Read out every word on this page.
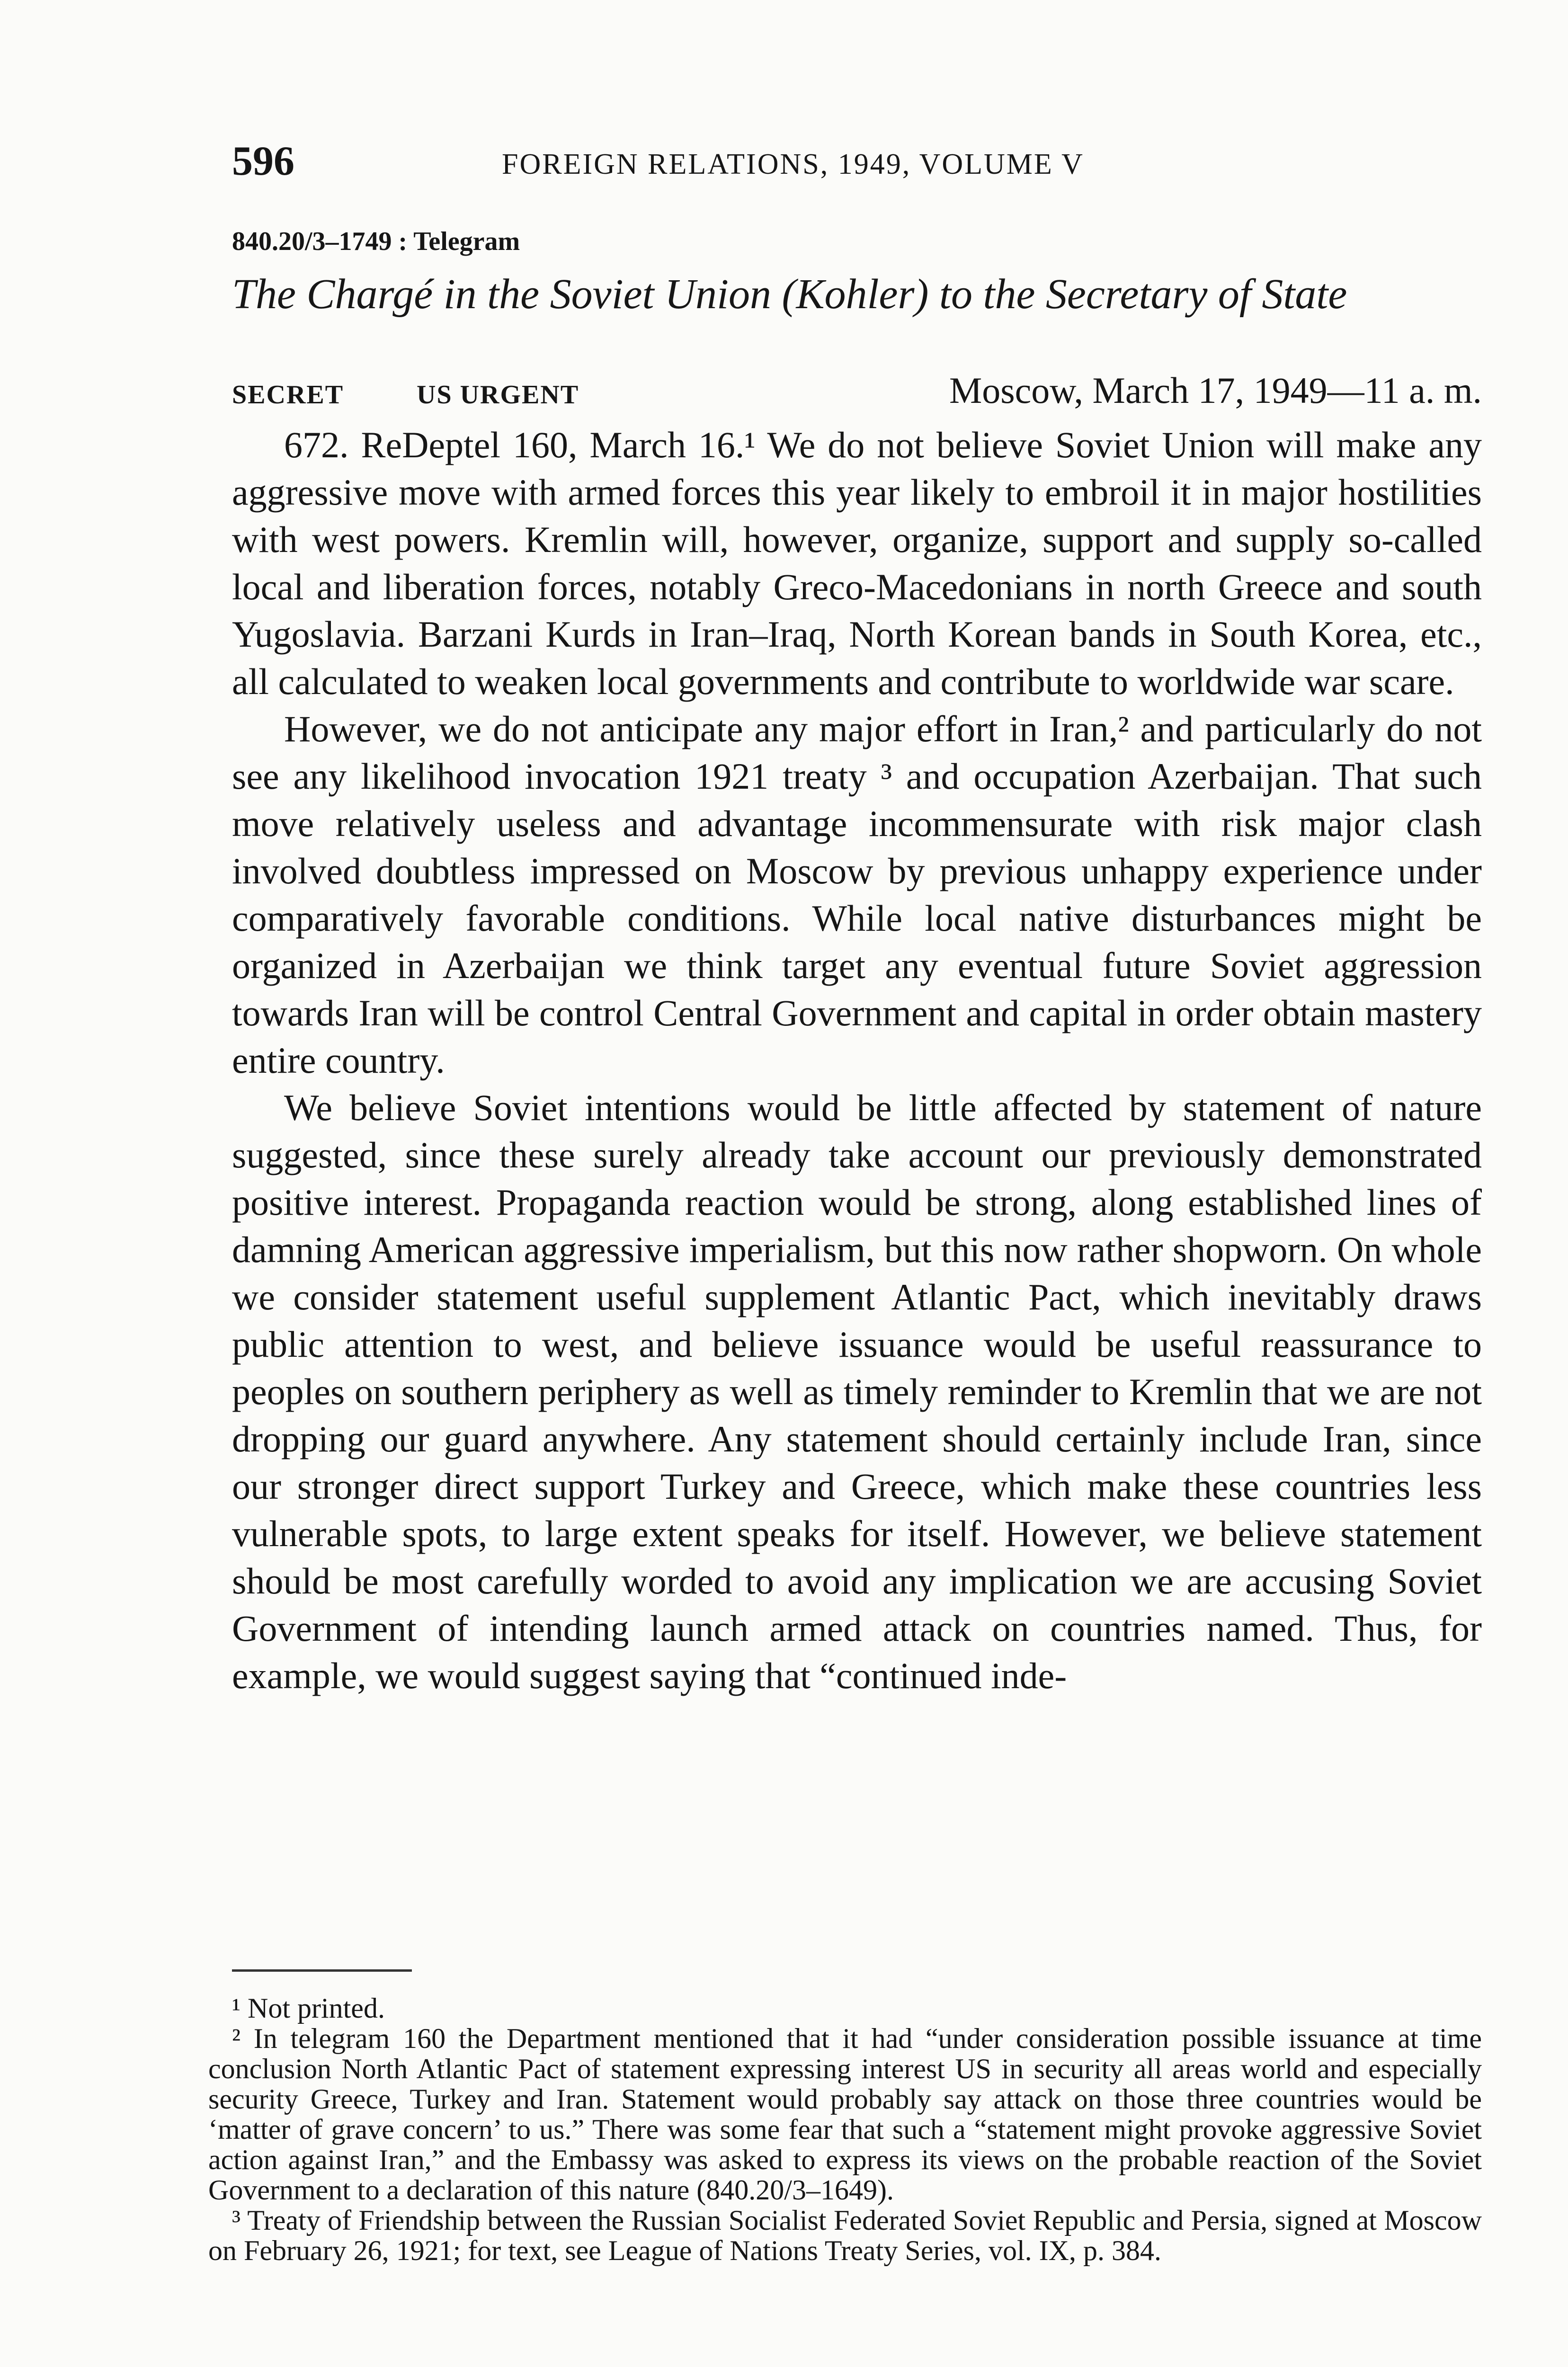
596	FOREIGN RELATIONS, 1949, VOLUME V
840.20/3–1749 : Telegram
The Chargé in the Soviet Union (Kohler) to the Secretary of State
SECRET	US URGENT	Moscow, March 17, 1949—11 a. m.

672. ReDeptel 160, March 16.¹ We do not believe Soviet Union will make any aggressive move with armed forces this year likely to embroil it in major hostilities with west powers. Kremlin will, however, organize, support and supply so-called local and liberation forces, notably Greco-Macedonians in north Greece and south Yugoslavia. Barzani Kurds in Iran–Iraq, North Korean bands in South Korea, etc., all calculated to weaken local governments and contribute to worldwide war scare.

However, we do not anticipate any major effort in Iran,² and particularly do not see any likelihood invocation 1921 treaty ³ and occupation Azerbaijan. That such move relatively useless and advantage incommensurate with risk major clash involved doubtless impressed on Moscow by previous unhappy experience under comparatively favorable conditions. While local native disturbances might be organized in Azerbaijan we think target any eventual future Soviet aggression towards Iran will be control Central Government and capital in order obtain mastery entire country.

We believe Soviet intentions would be little affected by statement of nature suggested, since these surely already take account our previously demonstrated positive interest. Propaganda reaction would be strong, along established lines of damning American aggressive imperialism, but this now rather shopworn. On whole we consider statement useful supplement Atlantic Pact, which inevitably draws public attention to west, and believe issuance would be useful reassurance to peoples on southern periphery as well as timely reminder to Kremlin that we are not dropping our guard anywhere. Any statement should certainly include Iran, since our stronger direct support Turkey and Greece, which make these countries less vulnerable spots, to large extent speaks for itself. However, we believe statement should be most carefully worded to avoid any implication we are accusing Soviet Government of intending launch armed attack on countries named. Thus, for example, we would suggest saying that “continued inde-

¹ Not printed.

² In telegram 160 the Department mentioned that it had “under consideration possible issuance at time conclusion North Atlantic Pact of statement expressing interest US in security all areas world and especially security Greece, Turkey and Iran. Statement would probably say attack on those three countries would be ‘matter of grave concern’ to us.” There was some fear that such a “statement might provoke aggressive Soviet action against Iran,” and the Embassy was asked to express its views on the probable reaction of the Soviet Government to a declaration of this nature (840.20/3–1649).

³ Treaty of Friendship between the Russian Socialist Federated Soviet Republic and Persia, signed at Moscow on February 26, 1921; for text, see League of Nations Treaty Series, vol. IX, p. 384.
